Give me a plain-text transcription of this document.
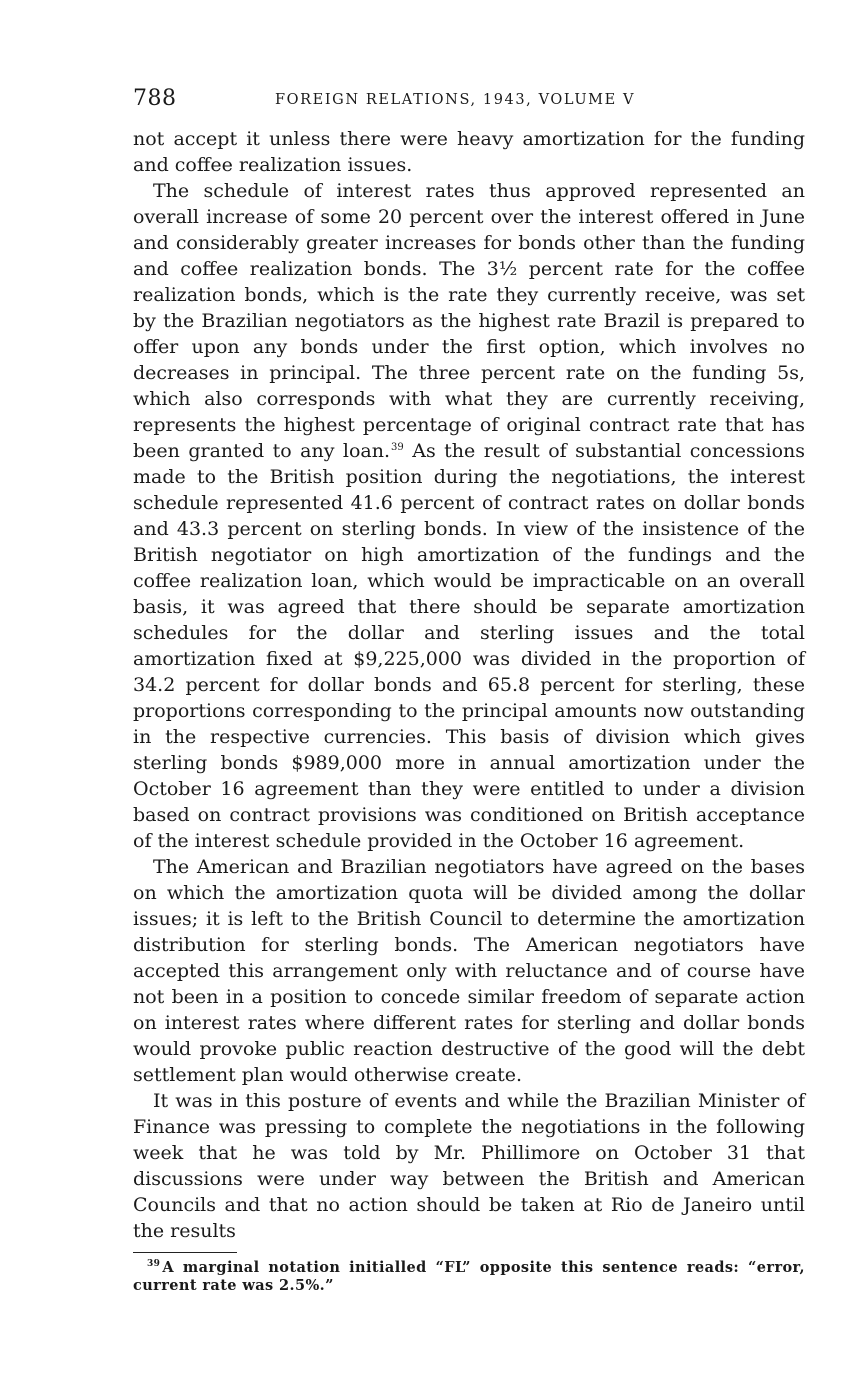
788	FOREIGN RELATIONS, 1943, VOLUME V

not accept it unless there were heavy amortization for the funding and coffee realization issues.

The schedule of interest rates thus approved represented an overall increase of some 20 percent over the interest offered in June and considerably greater increases for bonds other than the funding and coffee realization bonds. The 3½ percent rate for the coffee realization bonds, which is the rate they currently receive, was set by the Brazilian negotiators as the highest rate Brazil is prepared to offer upon any bonds under the first option, which involves no decreases in principal. The three percent rate on the funding 5s, which also corresponds with what they are currently receiving, represents the highest percentage of original contract rate that has been granted to any loan.$^{39}$ As the result of substantial concessions made to the British position during the negotiations, the interest schedule represented 41.6 percent of contract rates on dollar bonds and 43.3 percent on sterling bonds. In view of the insistence of the British negotiator on high amortization of the fundings and the coffee realization loan, which would be impracticable on an overall basis, it was agreed that there should be separate amortization schedules for the dollar and sterling issues and the total amortization fixed at $9,225,000 was divided in the proportion of 34.2 percent for dollar bonds and 65.8 percent for sterling, these proportions corresponding to the principal amounts now outstanding in the respective currencies. This basis of division which gives sterling bonds $989,000 more in annual amortization under the October 16 agreement than they were entitled to under a division based on contract provisions was conditioned on British acceptance of the interest schedule provided in the October 16 agreement.

The American and Brazilian negotiators have agreed on the bases on which the amortization quota will be divided among the dollar issues; it is left to the British Council to determine the amortization distribution for sterling bonds. The American negotiators have accepted this arrangement only with reluctance and of course have not been in a position to concede similar freedom of separate action on interest rates where different rates for sterling and dollar bonds would provoke public reaction destructive of the good will the debt settlement plan would otherwise create.

It was in this posture of events and while the Brazilian Minister of Finance was pressing to complete the negotiations in the following week that he was told by Mr. Phillimore on October 31 that discussions were under way between the British and American Councils and that no action should be taken at Rio de Janeiro until the results

$^{39}$ A marginal notation initialled “FL” opposite this sentence reads: “error, current rate was 2.5%.”
